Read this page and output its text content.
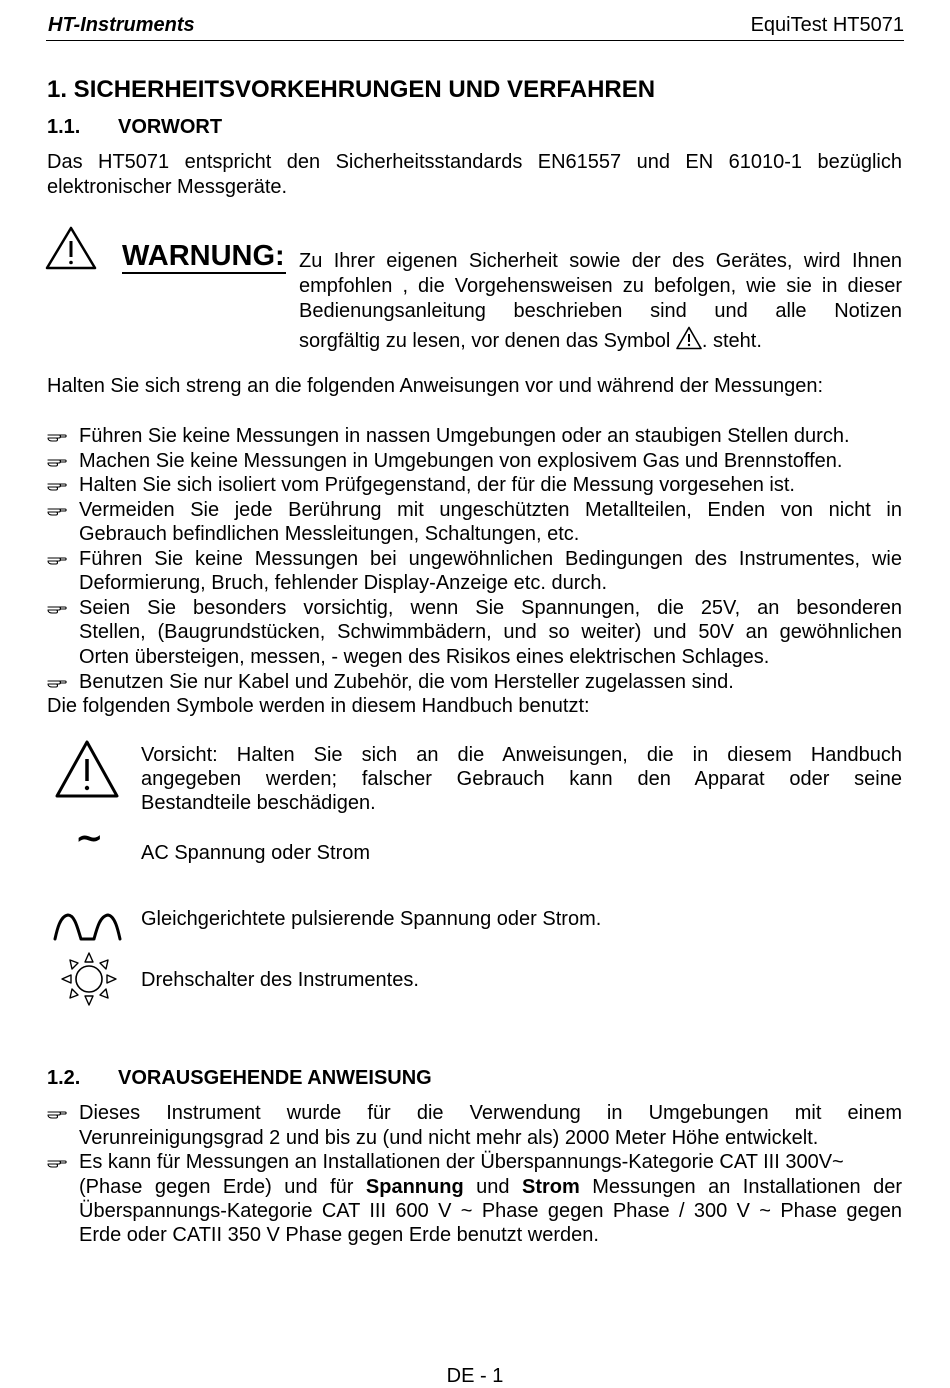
HT-Instruments	EquiTest HT5071
1. SICHERHEITSVORKEHRUNGEN UND VERFAHREN
1.1. VORWORT
Das HT5071 entspricht den Sicherheitsstandards EN61557 und EN 61010-1 bezüglich
elektronischer Messgeräte.
WARNUNG: Zu Ihrer eigenen Sicherheit sowie der des Gerätes, wird Ihnen
empfohlen , die Vorgehensweisen zu befolgen, wie sie in dieser
Bedienungsanleitung beschrieben sind und alle Notizen
sorgfältig zu lesen, vor denen das Symbol . steht.
Halten Sie sich streng an die folgenden Anweisungen vor und während der Messungen:
Führen Sie keine Messungen in nassen Umgebungen oder an staubigen Stellen durch.
Machen Sie keine Messungen in Umgebungen von explosivem Gas und Brennstoffen.
Halten Sie sich isoliert vom Prüfgegenstand, der für die Messung vorgesehen ist.
Vermeiden Sie jede Berührung mit ungeschützten Metallteilen, Enden von nicht in
Gebrauch befindlichen Messleitungen, Schaltungen, etc.
Führen Sie keine Messungen bei ungewöhnlichen Bedingungen des Instrumentes, wie
Deformierung, Bruch, fehlender Display-Anzeige etc. durch.
Seien Sie besonders vorsichtig, wenn Sie Spannungen, die 25V, an besonderen
Stellen, (Baugrundstücken, Schwimmbädern, und so weiter) und 50V an gewöhnlichen
Orten übersteigen, messen, - wegen des Risikos eines elektrischen Schlages.
Benutzen Sie nur Kabel und Zubehör, die vom Hersteller zugelassen sind.
Die folgenden Symbole werden in diesem Handbuch benutzt:
Vorsicht: Halten Sie sich an die Anweisungen, die in diesem Handbuch
angegeben werden; falscher Gebrauch kann den Apparat oder seine
Bestandteile beschädigen.
~ AC Spannung oder Strom
Gleichgerichtete pulsierende Spannung oder Strom.
Drehschalter des Instrumentes.
1.2. VORAUSGEHENDE ANWEISUNG
Dieses Instrument wurde für die Verwendung in Umgebungen mit einem
Verunreinigungsgrad 2 und bis zu (und nicht mehr als) 2000 Meter Höhe entwickelt.
Es kann für Messungen an Installationen der Überspannungs-Kategorie CAT III 300V~
(Phase gegen Erde) und für Spannung und Strom Messungen an Installationen der
Überspannungs-Kategorie CAT III 600 V ~ Phase gegen Phase / 300 V ~ Phase gegen
Erde oder CATII 350 V Phase gegen Erde benutzt werden.
DE - 1
